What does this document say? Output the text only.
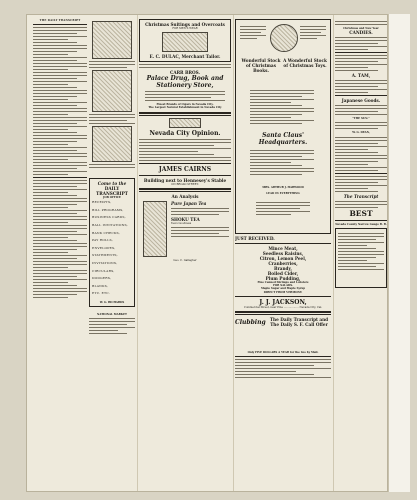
THE DAILY TRANSCRIPT
Come to the
DAILY TRANSCRIPT
JOB OFFICE
RECEIPTS,
BILL PROGRAMS,
BUSINESS CARDS,
BALL INVITATIONS,
BANK CHECKS,
PAY ROLLS,
ENVELOPES,
STATEMENTS,
INVITATIONS,
CIRCULARS,
DODGERS,
BLANKS,
ETC. ETC.
W. G. RICHARDS
NATIONAL MARKET
Christmas Suitings and Overcoats
FOR MEN'S WEAR
E. C. DULAC, Merchant Tailor.
CARR BROS.
Palace Drug, Book and Stationery Store,
Finest Brands of Cigars in Nevada City.
The Largest Natural Establishment in Nevada City
Nevada City Opinion.
JAMES CAIRNS
Building next to Hennesey's Stable
ON BROAD STREET.
An Analysis
Pure Japan Tea
SHOKU TEA
Tea's Goodness
Geo. C. Gallagher
Wonderful Stock of Christmas Books.
A Wonderful Stock of Christmas Toys.
Santa Claus' Headquarters.
MRS. ARTHUR J. HARWOOD
LEAD IN EVERYTHING
JUST RECEIVED.
Mince Meat,
Seedless Raisins,
Citron, Lemon Peel,
Cranberries,
Brandy,
Boiled Cider,
Plum Pudding,
Fine Canned Shrimps and Lobsters
FOR SALADS.
Maple Sugar and Maple Syrup
DIRECT FROM VERMONT.
J. J. JACKSON,
Commercial Street, near Pine .................. Nevada City, Cal.
Clubbing	The Daily Transcript and The Daily S. F. Call Offer
Only FIVE DOLLARS A YEAR for the two by Mail.
Christmas and New Year
CANDIES.
A. TAM,
Japanese Goods.
"THE SUN."
W. G. DEAN,
The Transcript
BEST
Nevada County Narrow Gauge R. R.
